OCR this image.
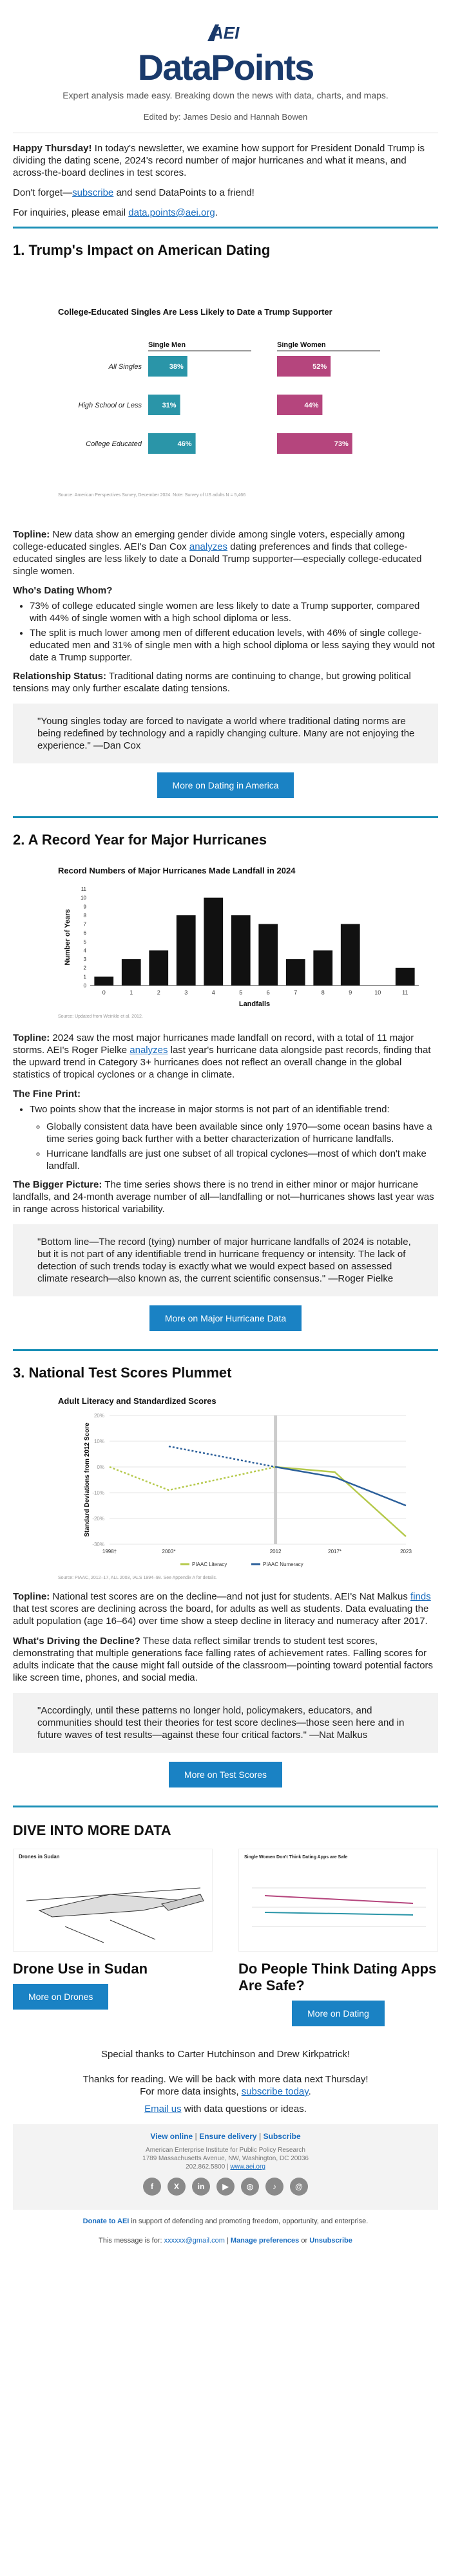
AEI
DataPoints
Expert analysis made easy. Breaking down the news with data, charts, and maps.
Edited by: James Desio and Hannah Bowen

Happy Thursday! In today's newsletter, we examine how support for President Donald Trump is dividing the dating scene, 2024's record number of major hurricanes and what it means, and across-the-board declines in test scores.

Don't forget—subscribe and send DataPoints to a friend!

For inquiries, please email data.points@aei.org.

1. Trump's Impact on American Dating
College-Educated Singles Are Less Likely to Date a Trump Supporter
Single Men
38%
31%
46%
Single Women
52%
44%
73%
All Singles
High School or Less
College Educated
Source: American Perspectives Survey, December 2024. Note: Survey of US adults N = 5,466

Topline: New data show an emerging gender divide among single voters, especially among college-educated singles. AEI's Dan Cox analyzes dating preferences and finds that college-educated singles are less likely to date a Donald Trump supporter—especially college-educated single women.

Who's Dating Whom?
• 73% of college educated single women are less likely to date a Trump supporter, compared with 44% of single women with a high school diploma or less.
• The split is much lower among men of different education levels, with 46% of single college-educated men and 31% of single men with a high school diploma or less saying they would not date a Trump supporter.

Relationship Status: Traditional dating norms are continuing to change, but growing political tensions may only further escalate dating tensions.

"Young singles today are forced to navigate a world where traditional dating norms are being redefined by technology and a rapidly changing culture. Many are not enjoying the experience." —Dan Cox
More on Dating in America
2. A Record Year for Major Hurricanes
Record Numbers of Major Hurricanes Made Landfall in 2024
0
1
2
3
4
5
6
7
8
9
10
11
0	1	2	3	4	5	6	7	8	9	10	11
Landfalls
Number of Years
Source: Updated from Weinkle et al. 2012.

Topline: 2024 saw the most major hurricanes made landfall on record, with a total of 11 major storms. AEI's Roger Pielke analyzes last year's hurricane data alongside past records, finding that the upward trend in Category 3+ hurricanes does not reflect an overall change in the global statistics of tropical cyclones or a change in climate.

The Fine Print:
• Two points show that the increase in major storms is not part of an identifiable trend:
◦ Globally consistent data have been available since only 1970—some ocean basins have a time series going back further with a better characterization of hurricane landfalls.
◦ Hurricane landfalls are just one subset of all tropical cyclones—most of which don't make landfall.

The Bigger Picture: The time series shows there is no trend in either minor or major hurricane landfalls, and 24-month average number of all—landfalling or not—hurricanes shows last year was in range across historical variability.

"Bottom line—The record (tying) number of major hurricane landfalls of 2024 is notable, but it is not part of any identifiable trend in hurricane frequency or intensity. The lack of detection of such trends today is exactly what we would expect based on assessed climate research—also known as, the current scientific consensus." —Roger Pielke
More on Major Hurricane Data
3. National Test Scores Plummet
Adult Literacy and Standardized Scores
20%
10%
0%
-10%
-20%
-30%
1998†	2003*	2012	2017*	2023
PIAAC Literacy	PIAAC Numeracy
Standard Deviations from 2012 Score
Source: PIAAC, 2012–17, ALL 2003, IALS 1994–98. See Appendix A for details.

Topline: National test scores are on the decline—and not just for students. AEI's Nat Malkus finds that test scores are declining across the board, for adults as well as students. Data evaluating the adult population (age 16–64) over time show a steep decline in literacy and numeracy after 2017.

What's Driving the Decline? These data reflect similar trends to student test scores, demonstrating that multiple generations face falling rates of achievement rates. Falling scores for adults indicate that the cause might fall outside of the classroom—pointing toward potential factors like screen time, phones, and social media.

"Accordingly, until these patterns no longer hold, policymakers, educators, and communities should test their theories for test score declines—those seen here and in future waves of test results—against these four critical factors." —Nat Malkus
More on Test Scores
DIVE INTO MORE DATA
Drones in Sudan
Drone Use in Sudan
More on Drones
Single Women Don't Think Dating Apps are Safe
Do People Think Dating Apps Are Safe?
More on Dating

Special thanks to Carter Hutchinson and Drew Kirkpatrick!

Thanks for reading. We will be back with more data next Thursday!

For more data insights, subscribe today.

Email us with data questions or ideas.

View online | Ensure delivery | Subscribe
American Enterprise Institute for Public Policy Research
1789 Massachusetts Avenue, NW, Washington, DC 20036
202.862.5800 | www.aei.org
f	X	in	▶	◎	♪	@
Donate to AEI in support of defending and promoting freedom, opportunity, and enterprise.
This message is for: xxxxxx@gmail.com | Manage preferences or Unsubscribe
